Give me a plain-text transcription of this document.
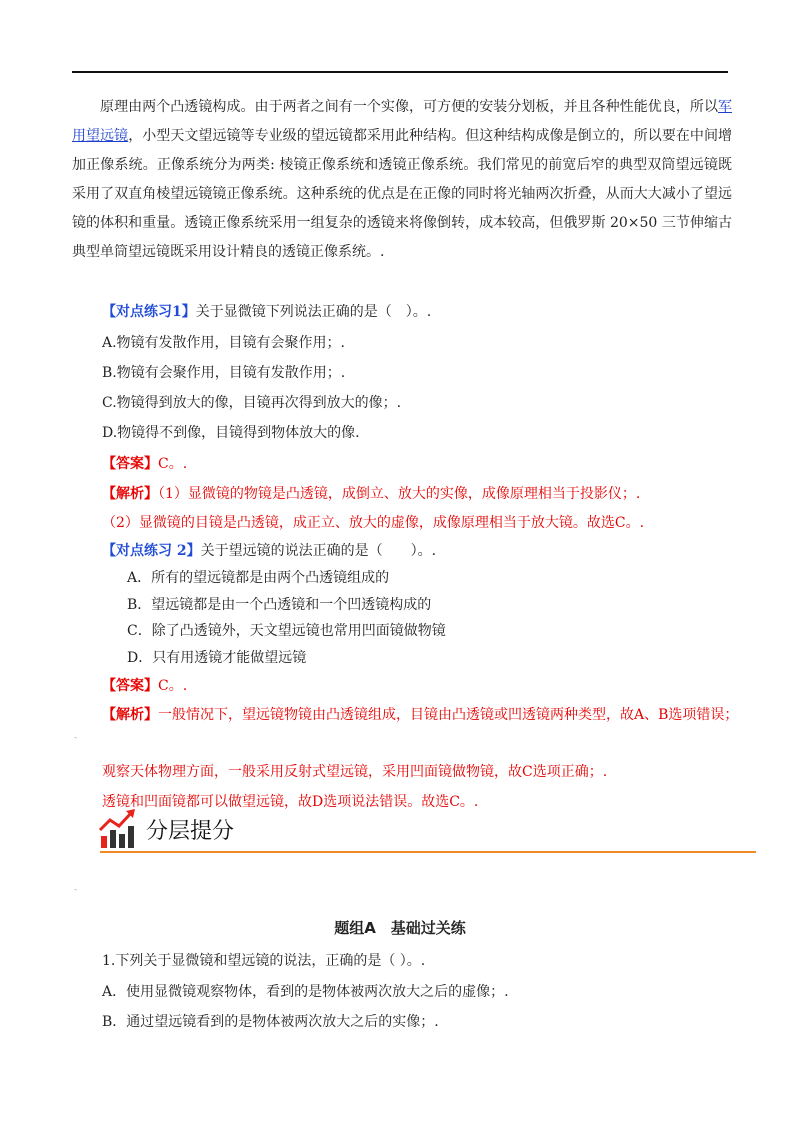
原理由两个凸透镜构成。由于两者之间有一个实像，可方便的安装分划板，并且各种性能优良，所以军用望远镜，小型天文望远镜等专业级的望远镜都采用此种结构。但这种结构成像是倒立的，所以要在中间增加正像系统。正像系统分为两类: 棱镜正像系统和透镜正像系统。我们常见的前宽后窄的典型双筒望远镜既采用了双直角棱望远镜镜正像系统。这种系统的优点是在正像的同时将光轴两次折叠，从而大大减小了望远镜的体积和重量。透镜正像系统采用一组复杂的透镜来将像倒转，成本较高，但俄罗斯 20×50 三节伸缩古典型单筒望远镜既采用设计精良的透镜正像系统。.

【对点练习1】关于显微镜下列说法正确的是（　）。.
A.物镜有发散作用，目镜有会聚作用；.
B.物镜有会聚作用，目镜有发散作用；.
C.物镜得到放大的像，目镜再次得到放大的像；.
D.物镜得不到像，目镜得到物体放大的像.
【答案】C。.
【解析】（1）显微镜的物镜是凸透镜，成倒立、放大的实像，成像原理相当于投影仪；.
（2）显微镜的目镜是凸透镜，成正立、放大的虚像，成像原理相当于放大镜。故选C。.
【对点练习 2】关于望远镜的说法正确的是（　　）。.
A．所有的望远镜都是由两个凸透镜组成的
B．望远镜都是由一个凸透镜和一个凹透镜构成的
C．除了凸透镜外，天文望远镜也常用凹面镜做物镜
D．只有用透镜才能做望远镜
【答案】C。.
【解析】一般情况下，望远镜物镜由凸透镜组成，目镜由凸透镜或凹透镜两种类型，故A、B选项错误；
ˎ
观察天体物理方面，一般采用反射式望远镜，采用凹面镜做物镜，故C选项正确；.
透镜和凹面镜都可以做望远镜，故D选项说法错误。故选C。.
分层提分
ˎ
题组A　基础过关练
1.下列关于显微镜和望远镜的说法，正确的是（ ）。.
A．使用显微镜观察物体，看到的是物体被两次放大之后的虚像；.
B．通过望远镜看到的是物体被两次放大之后的实像；.
